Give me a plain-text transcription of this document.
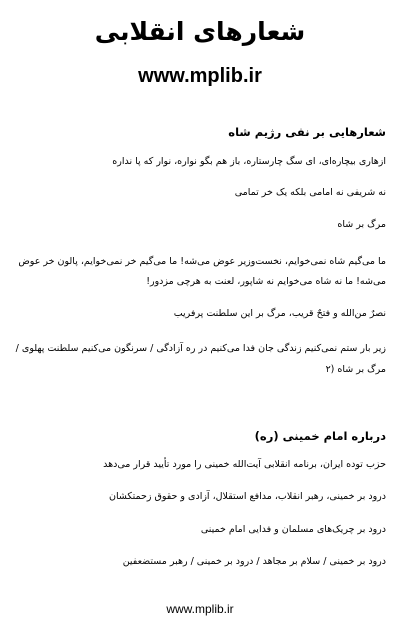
شعارهای انقلابی
www.mplib.ir
شعارهایی بر نفی رژیم شاه
ازهاری بیچاره‌ای، ای سگ چارستاره، باز هم بگو نواره، نوار که پا نداره
نه شریفی نه امامی بلکه یک خر تمامی
مرگ بر شاه
ما می‌گیم شاه نمی‌خوایم، نخست‌وزیر عوض می‌شه! ما می‌گیم خر نمی‌خوایم، پالون خر عوض می‌شه! ما نه شاه می‌خوایم نه شاپور، لعنت به هرچی مزدور!
نصرٌ من‌الله و فتحٌ قریب، مرگ بر این سلطنت پرفریب
زیر بار ستم نمی‌کنیم زندگی جان فدا می‌کنیم در ره آزادگی / سرنگون می‌کنیم سلطنت پهلوی / مرگ بر شاه (۲
درباره امام خمینی (ره)
حزب توده ایران، برنامه انقلابی آیت‌الله خمینی را مورد تأیید قرار می‌دهد
درود بر خمینی، رهبر انقلاب، مدافع استقلال، آزادی و حقوق زحمتکشان
درود بر چریک‌های مسلمان و فدایی امام خمینی
درود بر خمینی / سلام بر مجاهد / درود بر خمینی / رهبر مستضعفین
www.mplib.ir
